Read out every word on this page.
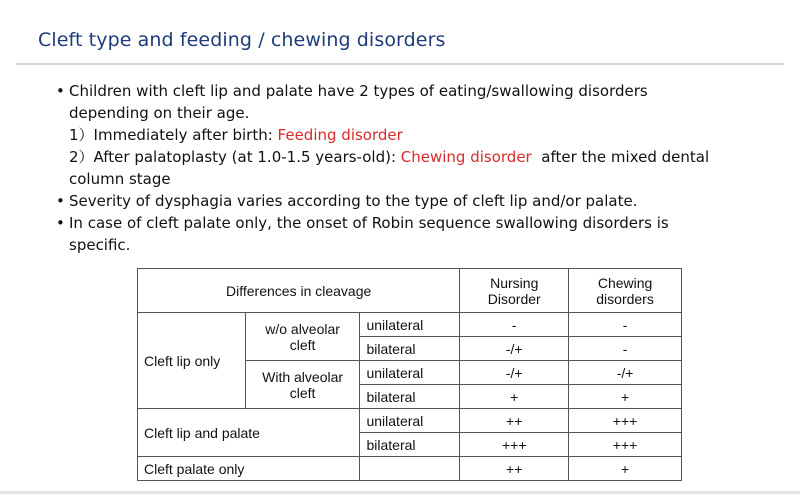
Cleft type and feeding / chewing disorders
• Children with cleft lip and palate have 2 types of eating/swallowing disorders
depending on their age.
1）Immediately after birth: Feeding disorder
2）After palatoplasty (at 1.0-1.5 years-old): Chewing disorder  after the mixed dental
column stage
• Severity of dysphagia varies according to the type of cleft lip and/or palate.
• In case of cleft palate only, the onset of Robin sequence swallowing disorders is
specific.
Differences in cleavage			Nursing Disorder	Chewing disorders
Cleft lip only	w/o alveolar cleft	unilateral	-	-
		bilateral	-/+	-
	With alveolar cleft	unilateral	-/+	-/+
		bilateral	+	+
Cleft lip and palate		unilateral	++	+++
		bilateral	+++	+++
Cleft palate only			++	+
